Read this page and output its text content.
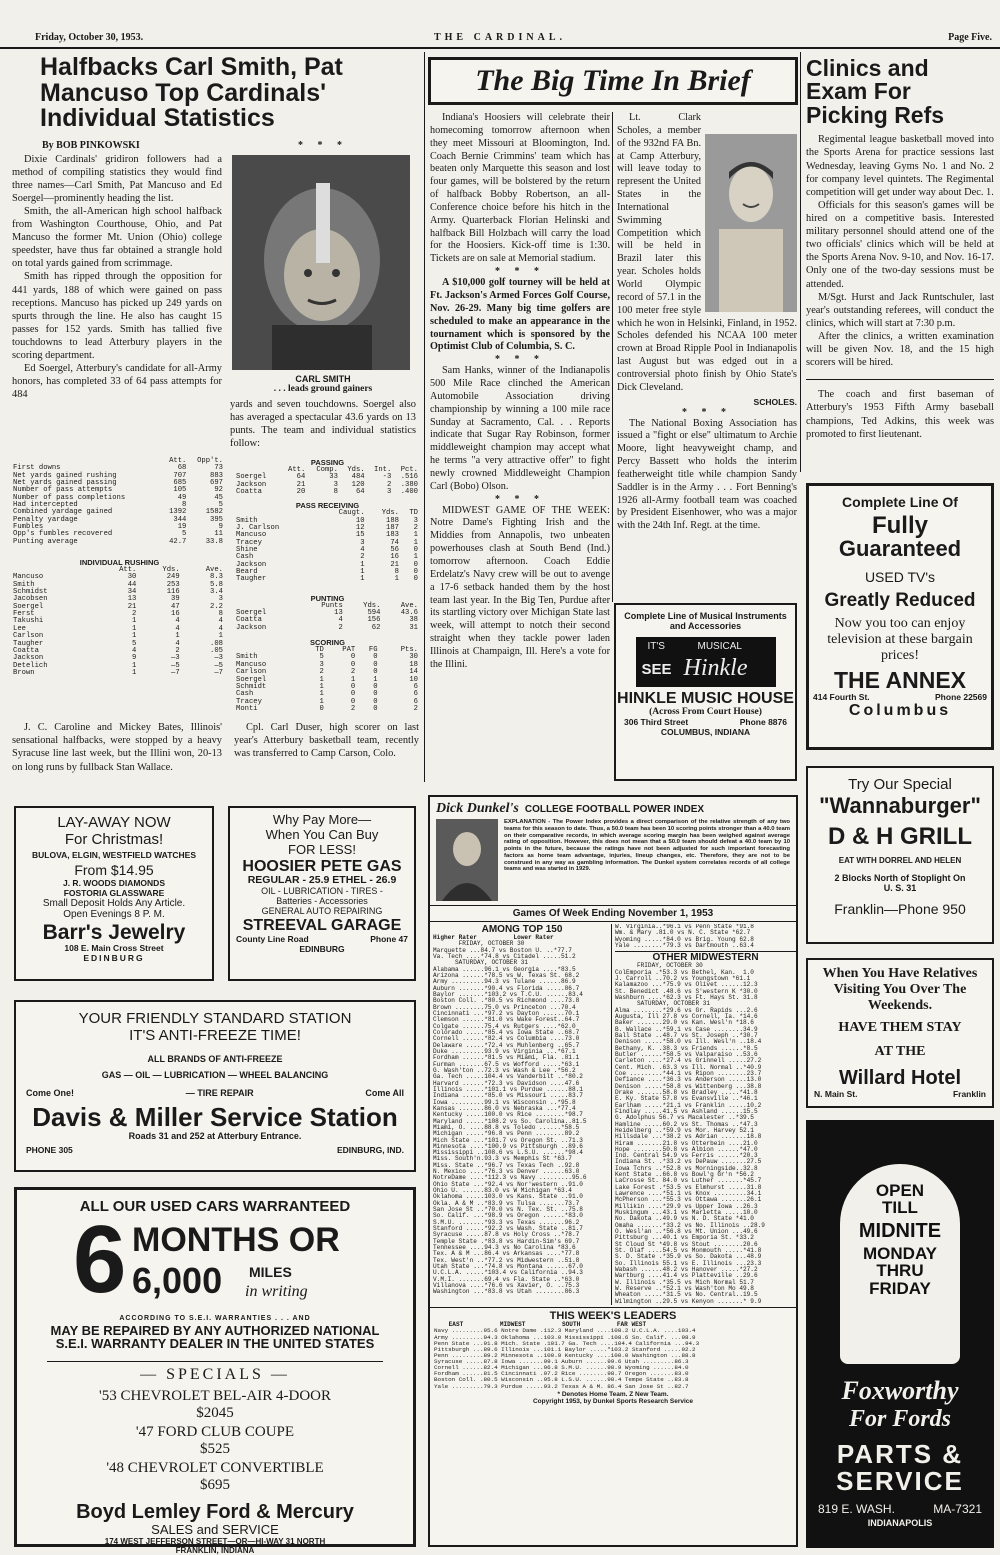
Friday, October 30, 1953.	THE CARDINAL.	Page Five.
Halfbacks Carl Smith, Pat Mancuso Top Cardinals' Individual Statistics
By BOB PINKOWSKI

Dixie Cardinals' gridiron followers had a method of compiling statistics they would find three names—Carl Smith, Pat Mancuso and Ed Soergel—prominently heading the list.

Smith, the all-American high school halfback from Washington Courthouse, Ohio, and Pat Mancuso the former Mt. Union (Ohio) college speedster, have thus far obtained a strangle hold on total yards gained from scrimmage.

Smith has ripped through the opposition for 441 yards, 188 of which were gained on pass receptions. Mancuso has picked up 249 yards on spurts through the line. He also has caught 15 passes for 152 yards. Smith has tallied five touchdowns to lead Atterbury players in the scoring department.

Ed Soergel, Atterbury's candidate for all-Army honors, has completed 33 of 64 pass attempts for 484

* * *
CARL SMITH
. . . leads ground gainers

yards and seven touchdowns. Soergel also has averaged a spectacular 43.6 yards on 13 punts. The team and individual statistics follow:

	Att.	Opp't.
First downs	68	73
Net yards gained rushing	707	883
Net yards gained passing	685	697
Number of pass attempts	105	92
Number of pass completions	49	45
Had intercepted	8	5
Combined yardage gained	1392	1582
Penalty yardage	344	395
Fumbles	19	9
Opp's fumbles recovered	5	11
Punting average	42.7	33.8
INDIVIDUAL RUSHING
	Att.	Yds.	Ave.
Mancuso	30	249	8.3
Smith	44	253	5.8
Schmidst	34	116	3.4
Jacobsen	13	39	3
Soergel	21	47	2.2
Ferst	2	16	8
Takushi	1	4	4
Lee	1	4	4
Carlson	1	1	1
Taugher	5	4	.08
Coatta	4	2	.05
Jackson	9	—3	—3
Detelich	1	—5	—5
Brown	1	—7	—7
PASSING
	Att.	Comp.	Yds.	Int.	Pct.
Soergel	64	33	484	-3	.516
Jackson	21	3	120	2	.380
Coatta	20	8	64	3	.400
PASS RECEIVING
	Caugt.	Yds.	TD
Smith	10	188	3
J. Carlson	12	187	2
Mancuso	15	183	1
Tracey	3	74	1
Shine	4	56	0
Cash	2	16	1
Jackson	1	21	0
Beard	1	8	0
Taugher	1	1	0
PUNTING
	Punts	Yds.	Ave.
Soergel	13	594	43.6
Coatta	4	156	38
Jackson	2	62	31
SCORING
	TD	PAT	FG	Pts.
Smith	5	0	0	30
Mancuso	3	0	0	18
Carlson	2	2	0	14
Soergel	1	1	1	10
Schmidt	1	0	0	6
Cash	1	0	0	6
Tracey	1	0	0	6
Monti	0	2	0	2

J. C. Caroline and Mickey Bates, Illinois' sensational halfbacks, were stopped by a heavy Syracuse line last week, but the Illini won, 20-13 on long runs by fullback Stan Wallace.

Cpl. Carl Duser, high scorer on last year's Atterbury basketball team, recently was transferred to Camp Carson, Colo.

The Big Time In Brief

Indiana's Hoosiers will celebrate their homecoming tomorrow afternoon when they meet Missouri at Bloomington, Ind. Coach Bernie Crimmins' team which has beaten only Marquette this season and lost four games, will be bolstered by the return of halfback Bobby Robertson, an all-Conference choice before his hitch in the Army. Quarterback Florian Helinski and halfback Bill Holzbach will carry the load for the Hoosiers. Kick-off time is 1:30. Tickets are on sale at Memorial stadium.

* * *

A $10,000 golf tourney will be held at Ft. Jackson's Armed Forces Golf Course, Nov. 26-29. Many big time golfers are scheduled to make an appearance in the tournament which is sponsored by the Optimist Club of Columbia, S. C.

* * *

Sam Hanks, winner of the Indianapolis 500 Mile Race clinched the American Automobile Association driving championship by winning a 100 mile race Sunday at Sacramento, Cal. . . Reports indicate that Sugar Ray Robinson, former middleweight champion may accept what he terms "a very attractive offer" to fight newly crowned Middleweight Champion Carl (Bobo) Olson.

* * *

MIDWEST GAME OF THE WEEK: Notre Dame's Fighting Irish and the Middies from Annapolis, two unbeaten powerhouses clash at South Bend (Ind.) tomorrow afternoon. Coach Eddie Erdelatz's Navy crew will be out to avenge a 17-6 setback handed them by the host team last year. In the Big Ten, Purdue after its startling victory over Michigan State last week, will attempt to notch their second straight when they tackle power laden Illinois at Champaign, Ill. Here's a vote for the Illini.

Lt. Clark Scholes, a member of the 932nd FA Bn. at Camp Atterbury, will leave today to represent the United States in the International Swimming Competition which will be held in Brazil later this year. Scholes holds World Olympic record of 57.1 in the 100 meter free style which he won in Helsinki, Finland, in 1952. Scholes defended his NCAA 100 meter crown at Broad Ripple Pool in Indianapolis last August but was edged out in a controversial photo finish by Ohio State's Dick Cleveland.

SCHOLES.
* * *

The National Boxing Association has issued a "fight or else" ultimatum to Archie Moore, light heavyweight champ, and Percy Bassett who holds the interim featherweight title while champion Sandy Saddler is in the Army . . . Fort Benning's 1926 all-Army football team was coached by President Eisenhower, who was a major with the 24th Inf. Regt. at the time.

Complete Line of Musical Instruments and Accessories
IT'S	MUSICAL
SEE Hinkle
HINKLE MUSIC HOUSE
(Across From Court House)
306 Third Street	Phone 8876
COLUMBUS, INDIANA
Clinics and Exam For Picking Refs

Regimental league basketball moved into the Sports Arena for practice sessions last Wednesday, leaving Gyms No. 1 and No. 2 for company level quintets. The Regimental competition will get under way about Dec. 1.

Officials for this season's games will be hired on a competitive basis. Interested military personnel should attend one of the two officials' clinics which will be held at the Sports Arena Nov. 9-10, and Nov. 16-17. Only one of the two-day sessions must be attended.

M/Sgt. Hurst and Jack Runtschuler, last year's outstanding referees, will conduct the clinics, which will start at 7:30 p.m.

After the clinics, a written examination will be given Nov. 18, and the 15 high scorers will be hired.

The coach and first baseman of Atterbury's 1953 Fifth Army baseball champions, Ted Adkins, this week was promoted to first lieutenant.

Complete Line Of
Fully
Guaranteed
USED TV's
Greatly Reduced
Now you too can enjoy television at these bargain prices!
THE ANNEX
414 Fourth St.	Phone 22569
Columbus
Try Our Special
"Wannaburger"
D & H GRILL
EAT WITH DORREL AND HELEN
2 Blocks North of Stoplight On U. S. 31
Franklin—Phone 950
When You Have Relatives Visiting You Over The Weekends.
HAVE THEM STAY
AT THE
Willard Hotel
N. Main St.	Franklin
OPEN
TILL
MIDNITE
MONDAY
THRU
FRIDAY
Foxworthy
For Fords
PARTS &
SERVICE
819 E. WASH.	MA-7321
INDIANAPOLIS
LAY-AWAY NOW
For Christmas!
BULOVA, ELGIN, WESTFIELD WATCHES
From $14.95
J. R. WOODS DIAMONDS
FOSTORIA GLASSWARE
Small Deposit Holds Any Article.
Open Evenings 8 P. M.
Barr's Jewelry
108 E. Main Cross Street
EDINBURG
Why Pay More—
When You Can Buy
FOR LESS!
HOOSIER PETE GAS
REGULAR - 25.9 ETHEL - 26.9
OIL - LUBRICATION - TIRES -
Batteries - Accessories
GENERAL AUTO REPAIRING
STREEVAL GARAGE
County Line Road	Phone 47
EDINBURG
YOUR FRIENDLY STANDARD STATION
IT'S ANTI-FREEZE TIME!
ALL BRANDS OF ANTI-FREEZE
GAS — OIL — LUBRICATION — WHEEL BALANCING
Come One!	— TIRE REPAIR	Come All
Davis & Miller Service Station
Roads 31 and 252 at Atterbury Entrance.
PHONE 305	EDINBURG, IND.
ALL OUR USED CARS WARRANTEED
6 MONTHS OR
6,000 MILES
in writing
ACCORDING TO S.E.I. WARRANTIES . . . AND
MAY BE REPAIRED BY ANY AUTHORIZED NATIONAL
S.E.I. WARRANTY DEALER IN THE UNITED STATES
— SPECIALS —
'53 CHEVROLET BEL-AIR 4-DOOR
$2045
'47 FORD CLUB COUPE
$525
'48 CHEVROLET CONVERTIBLE
$695
Boyd Lemley Ford & Mercury
SALES and SERVICE
174 WEST JEFFERSON STREET—OR—HI-WAY 31 NORTH
FRANKLIN, INDIANA
Dick Dunkel's COLLEGE FOOTBALL POWER INDEX
EXPLANATION - The Power Index provides a direct comparison of the relative strength of any two teams for this season to date. Thus, a 50.0 team has been 10 scoring points stronger than a 40.0 team on their comparative records, in which average scoring margin has been weighed against average rating of opposition. However, this does not mean that a 50.0 team should defeat a 40.0 team by 10 points in the future, because the ratings have not been adjusted for such important forecasting factors as home team advantage, injuries, lineup changes, etc. Therefore, they are not to be construed in any way as gambling information. The Dunkel system correlates records of all college teams and was started in 1929.
Games Of Week Ending November 1, 1953
AMONG TOP 150
Higher Rater          Lower Rater
FRIDAY, OCTOBER 30
Marquette ...84.7 vs Boston U. ..*77.7
Va. Tech ....*74.8 vs Citadel .....51.2
SATURDAY, OCTOBER 31
Alabama ......96.1 vs Georgia ....*83.5
Arizona ......*78.5 vs W. Texas St. 68.2
Army .........94.3 vs Tulane ......86.9
Auburn .......*90.4 vs Florida .....86.7
Baylor .......*103.2 vs T.C.U. ......83.4
Boston Coll. .*80.5 vs Richmond ....73.8
Brown ........75.0 vs Princeton ...70.4
Cincinnati ...*97.2 vs Dayton ......70.1
Clemson ......*81.0 vs Wake Forest..64.7
Colgate ......75.4 vs Rutgers ....*62.0
Colorado .....*85.4 vs Iowa State ..68.7
Cornell ......*82.4 vs Columbia ....73.0
Delaware .....*72.4 vs Muhlenberg ..65.7
Duke .........93.9 vs Virginia ...*67.1
Fordham ......*81.5 vs Miami, Fla. .81.1
Furman .......67.5 vs Wofford .....*63.1
G. Wash'ton ..72.3 vs Wash & Lee .*56.2
Ga. Tech .....104.4 vs Vanderbilt ..*80.2
Harvard ......*72.3 vs Davidson ....47.6
Illinois .....*101.1 vs Purdue ......88.1
Indiana ......*85.0 vs Missouri .....83.7
Iowa .........99.1 vs Wisconsin ..*95.8
Kansas .......86.0 vs Nebraska ...*77.4
Kentucky .....100.0 vs Rice ........*98.7
Maryland .....*108.2 vs So. Carolina..81.5
Miami, O. ....88.8 vs Toledo ......*58.5
Michigan .....*96.8 vs Penn ........89.2
Mich State ...*101.7 vs Oregon St. ..71.3
Minnesota ....*100.9 vs Pittsburgh ..89.6
Mississippi ..108.6 vs L.S.U. ......*98.4
Miss. South'n.93.3 vs Memphis St *63.7
Miss. State ..*96.7 vs Texas Tech ..92.8
N. Mexico ....*76.3 vs Denver ......63.0
NotreDame ....*112.3 vs Navy .........95.6
Ohio State ...*92.4 vs Nor'western ..91.0
Ohio U. ......83.0 vs W Michigan *63.4
Oklahoma .....103.0 vs Kans. State ..91.0
Okla. A & M ..*83.9 vs Tulsa .......73.7
San Jose St ..*70.0 vs N. Tex. St. ..75.8
So. Calif. ...*98.9 vs Oregon ......*83.0
S.M.U. .......*93.3 vs Texas .......96.2
Stanford .....*92.2 vs Wash. State ..81.7
Syracuse .....87.8 vs Holy Cross ..*78.7
Temple State .*83.8 vs Hardin-Sim's 69.7
Tennessee ....94.3 vs No Carolina *83.6
Tex. A & M ...86.4 vs Arkansas ....*77.8
Tex. West'n ..*77.2 vs Midwestern ..51.8
Utah State ...*74.8 vs Montana ......67.0
U.C.L.A. .....*103.4 vs California ..94.3
V.M.I. .......69.4 vs Fla. State ..*63.0
Villanova ....*76.6 vs Xavier, O. ..75.3
Washington ...*83.8 vs Utah ........86.3
W. Virginia..*96.1 vs Penn State *91.8
Wm. & Mary .81.0 vs N. C. State *62.7
Wyoming .....*84.0 vs Brig. Young 62.8
Yale ........*79.3 vs Dartmouth ..63.4
OTHER MIDWESTERN
FRIDAY, OCTOBER 30
ColEmporia .*53.3 vs Bethel, Kan.  1.0
J. Carroll ..70.2 vs Youngstown *61.1
Kalamazoo ...*75.9 vs Olivet ......12.3
St. Benedict .48.6 vs S'western K *30.0
Washburn ....*62.3 vs Ft. Hays St. 31.8
SATURDAY, OCTOBER 31
Alma ........*29.6 vs Gr. Rapids ...2.6
Augusta, Ill 27.8 vs Cornell, Ia. *14.6
Baker .......29.0 vs Kan. Wesl'n *18.6
B. Wallace ..*59.1 vs Case ........34.9
Ball State ..48.7 vs St. Joseph ..*30.7
Denison .....*58.0 vs Ill. Wesl'n ..18.4
Bethany, K. .38.3 vs Friends ......*8.5
Butler ......*58.5 vs Valparaiso ..53.6
Carleton ....*27.4 vs Grinnell .....27.2
Cent. Mich. .63.3 vs Ill. Normal ..*40.9
Coe .........*44.1 vs Ripon ........23.7
Defiance ....*36.3 vs Anderson .....13.0
Denison .....*58.8 vs Wittenberg ...38.8
Drake .......58.8 vs Bradley .....*41.8
E. Ky. State 57.8 vs Evansville ..*46.1
Earlham .....*21.1 vs Franklin .....10.2
Findlay .....41.5 vs Ashland ......15.5
G. Adolphus 56.7 vs Macalester ..*39.5
Hamline .....60.2 vs St. Thomas ..*47.3
Heidelberg ..*59.9 vs Mor. Harvey 52.1
Hillsdale ...*38.2 vs Adrian .......18.8
Hiram .......21.8 vs Otterbein ....21.0
Hope ........50.8 vs Albion ......*47.0
Ind. Central 54.9 vs Ferris ......*20.3
Indiana St. .*33.2 vs DePauw .......27.5
Iowa Tchrs ..*52.8 vs Morningside..32.8
Kent State ..66.8 vs Bowl'g Gr'n *56.2
LaCrosse St. 84.0 vs Luther .......*45.7
Lake Forest .*53.5 vs Elmhurst .....31.8
Lawrence ....*51.1 vs Knox .........34.1
McPherson ...*55.3 vs Ottawa .......26.1
Millikin ....*29.9 vs Upper Iowa ..26.3
Muskingum ...43.1 vs Marietta .....10.0
No. Dakota ..49.9 vs N. D. State *41.0
Omaha .......*33.2 vs No. Illinois ..28.9
O. Wesl'an ..*56.8 vs Mt. Union ...49.6
Pittsburg ...40.1 vs Emporia St. *33.2
St Cloud St *49.8 vs Stout ........20.6
St. Olaf ....54.5 vs Monmouth .....*41.8
S. D. State .*35.9 vs So. Dakota ...48.9
So. Illinois 55.1 vs E. Illinois ...23.3
Wabash ......48.2 vs Hanover .....*27.2
Wartburg ....41.4 vs Platteville ..29.6
W. Illinois .*35.5 vs Mich Normal 51.7
W. Reserve ..*52.1 vs Wash'ton Mo 49.8
Wheaton .....*31.5 vs No. Central..19.5
Wilmington ..29.5 vs Kenyon .......* 9.9
THIS WEEK'S LEADERS
EAST          MIDWEST          SOUTH          FAR WEST
Navy .........95.6 Notre Dame .112.3 Maryland ....108.2 U.C.L.A. ....103.4
Army .........94.3 Oklahoma ...103.0 Mississippi .108.6 So. Calif. ...98.9
Penn State ...91.8 Mich. State .101.7 Ga. Tech ....104.4 California ...94.3
Pittsburgh ...89.6 Illinois ...101.1 Baylor .....*103.2 Stanford .....92.2
Penn .........89.2 Minnesota ..100.9 Kentucky ....100.0 Washington ...88.8
Syracuse .....87.8 Iowa .......99.1 Auburn ......99.6 Utah .........86.3
Cornell ......82.4 Michigan ...96.8 S.M.U. ......98.9 Wyoming ......84.0
Fordham ......81.5 Cincinnati .97.2 Rice ........98.7 Oregon .......83.0
Boston Coll. .80.5 Wisconsin ..95.8 L.S.U. ......98.4 Tempe State ..83.8
Yale .........79.3 Purdue .....93.2 Texas A & M. 86.4 San Jose St ..82.7
* Denotes Home Team. Z New Team.
Copyright 1953, by Dunkel Sports Research Service
